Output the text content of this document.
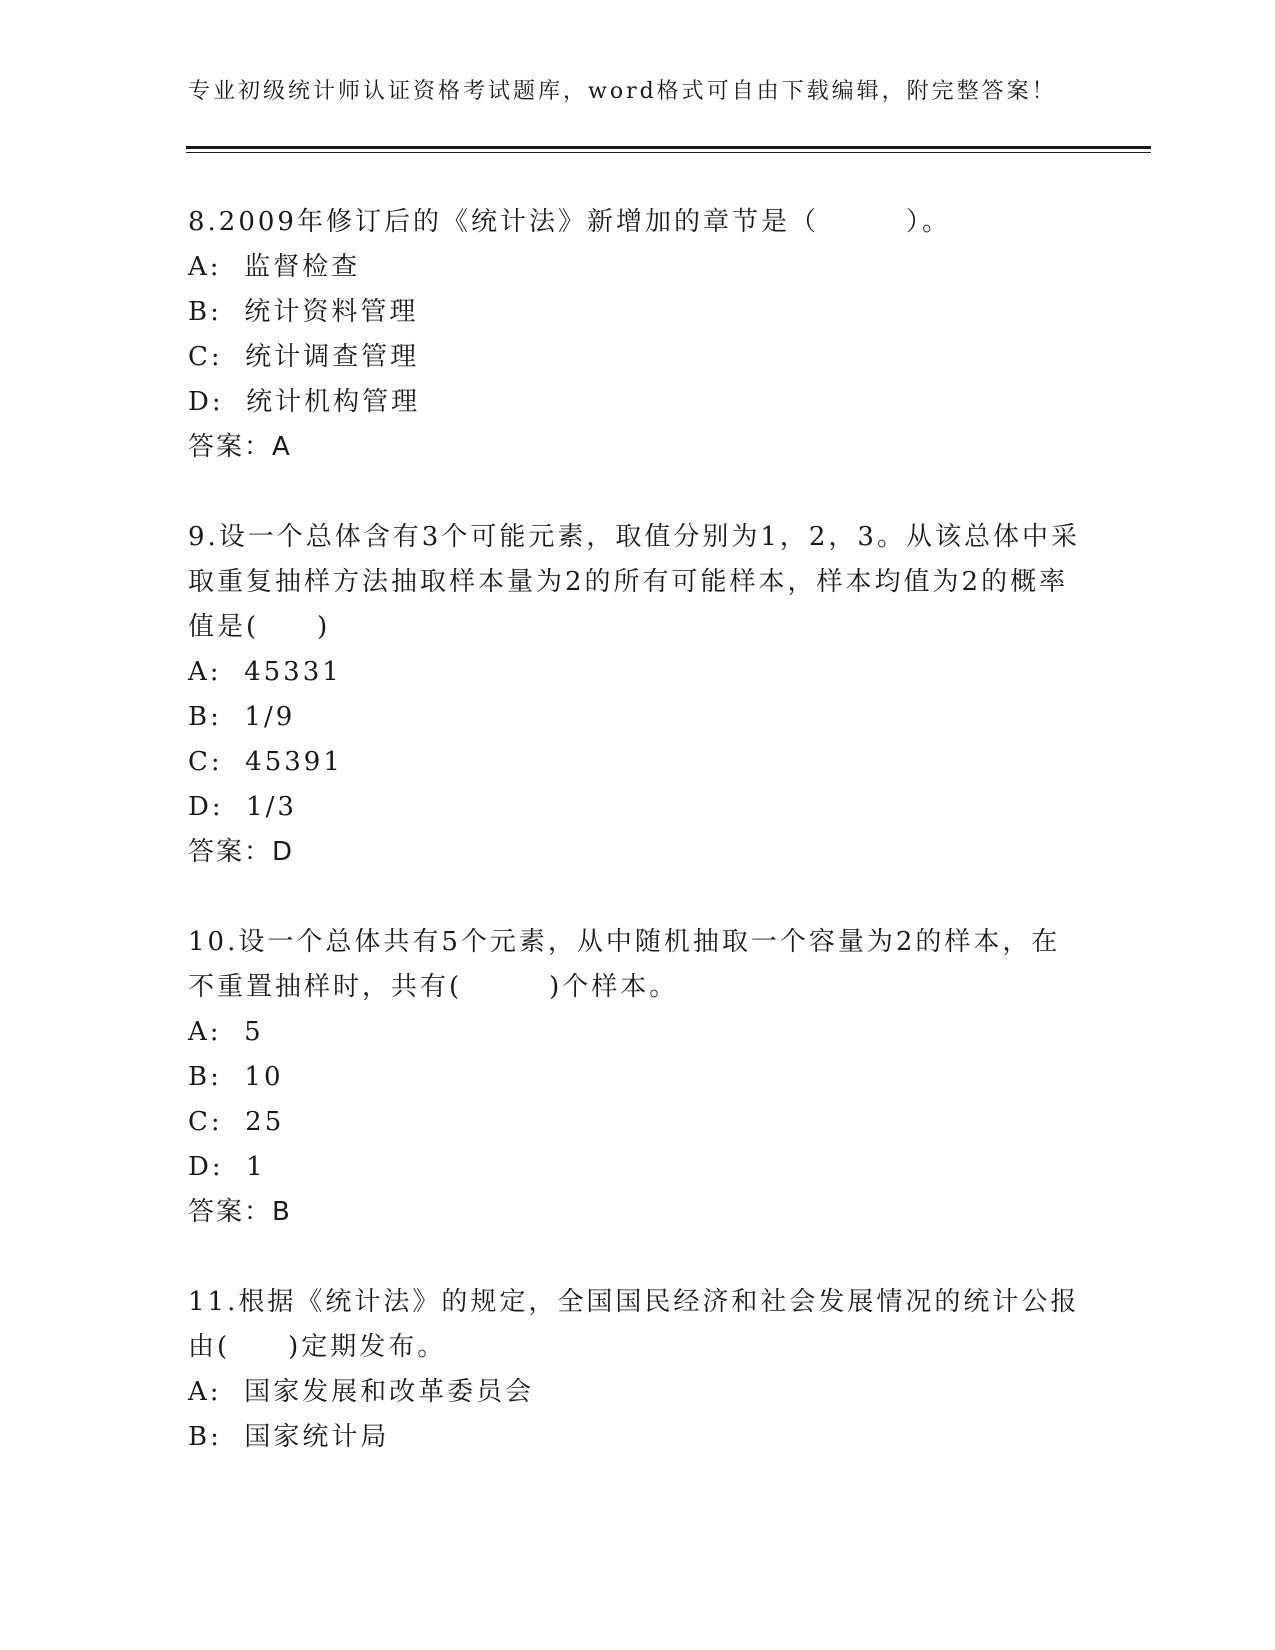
专业初级统计师认证资格考试题库，word格式可自由下载编辑，附完整答案！

8.2009年修订后的《统计法》新增加的章节是（　　　）。

A:  监督检查

B:  统计资料管理

C:  统计调查管理

D:  统计机构管理

答案：A

9.设一个总体含有3个可能元素，取值分别为1，2，3。从该总体中采取重复抽样方法抽取样本量为2的所有可能样本，样本均值为2的概率值是(　　)

A:  45331

B:  1/9

C:  45391

D:  1/3

答案：D

10.设一个总体共有5个元素，从中随机抽取一个容量为2的样本，在不重置抽样时，共有(　　　)个样本。

A:  5

B:  10

C:  25

D:  1

答案：B

11.根据《统计法》的规定，全国国民经济和社会发展情况的统计公报由(　　)定期发布。

A:  国家发展和改革委员会

B:  国家统计局
